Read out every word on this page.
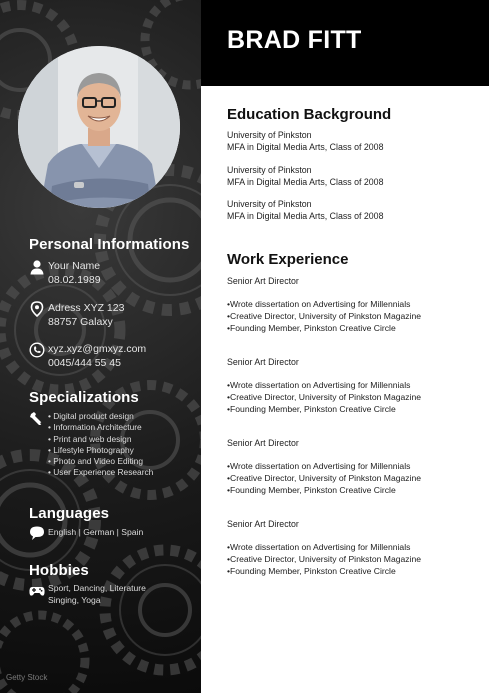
Personal Informations
Your Name
08.02.1989
Adress XYZ 123
88757 Galaxy
xyz.xyz@gmxyz.com
0045/444 55 45
Specializations
• Digital product design
• Information Architecture
• Print and web design
• Lifestyle Photography
• Photo and Video Editing
• User Experience Research
Languages
English | German | Spain
Hobbies
Sport, Dancing, Literature
Singing, Yoga
Getty Stock
BRAD FITT
Education Background
University of Pinkston
MFA in Digital Media Arts, Class of 2008
University of Pinkston
MFA in Digital Media Arts, Class of 2008
University of Pinkston
MFA in Digital Media Arts, Class of 2008
Work Experience
Senior Art Director
•Wrote dissertation on Advertising for Millennials
•Creative Director, University of Pinkston Magazine
•Founding Member, Pinkston Creative Circle
Senior Art Director
•Wrote dissertation on Advertising for Millennials
•Creative Director, University of Pinkston Magazine
•Founding Member, Pinkston Creative Circle
Senior Art Director
•Wrote dissertation on Advertising for Millennials
•Creative Director, University of Pinkston Magazine
•Founding Member, Pinkston Creative Circle
Senior Art Director
•Wrote dissertation on Advertising for Millennials
•Creative Director, University of Pinkston Magazine
•Founding Member, Pinkston Creative Circle
